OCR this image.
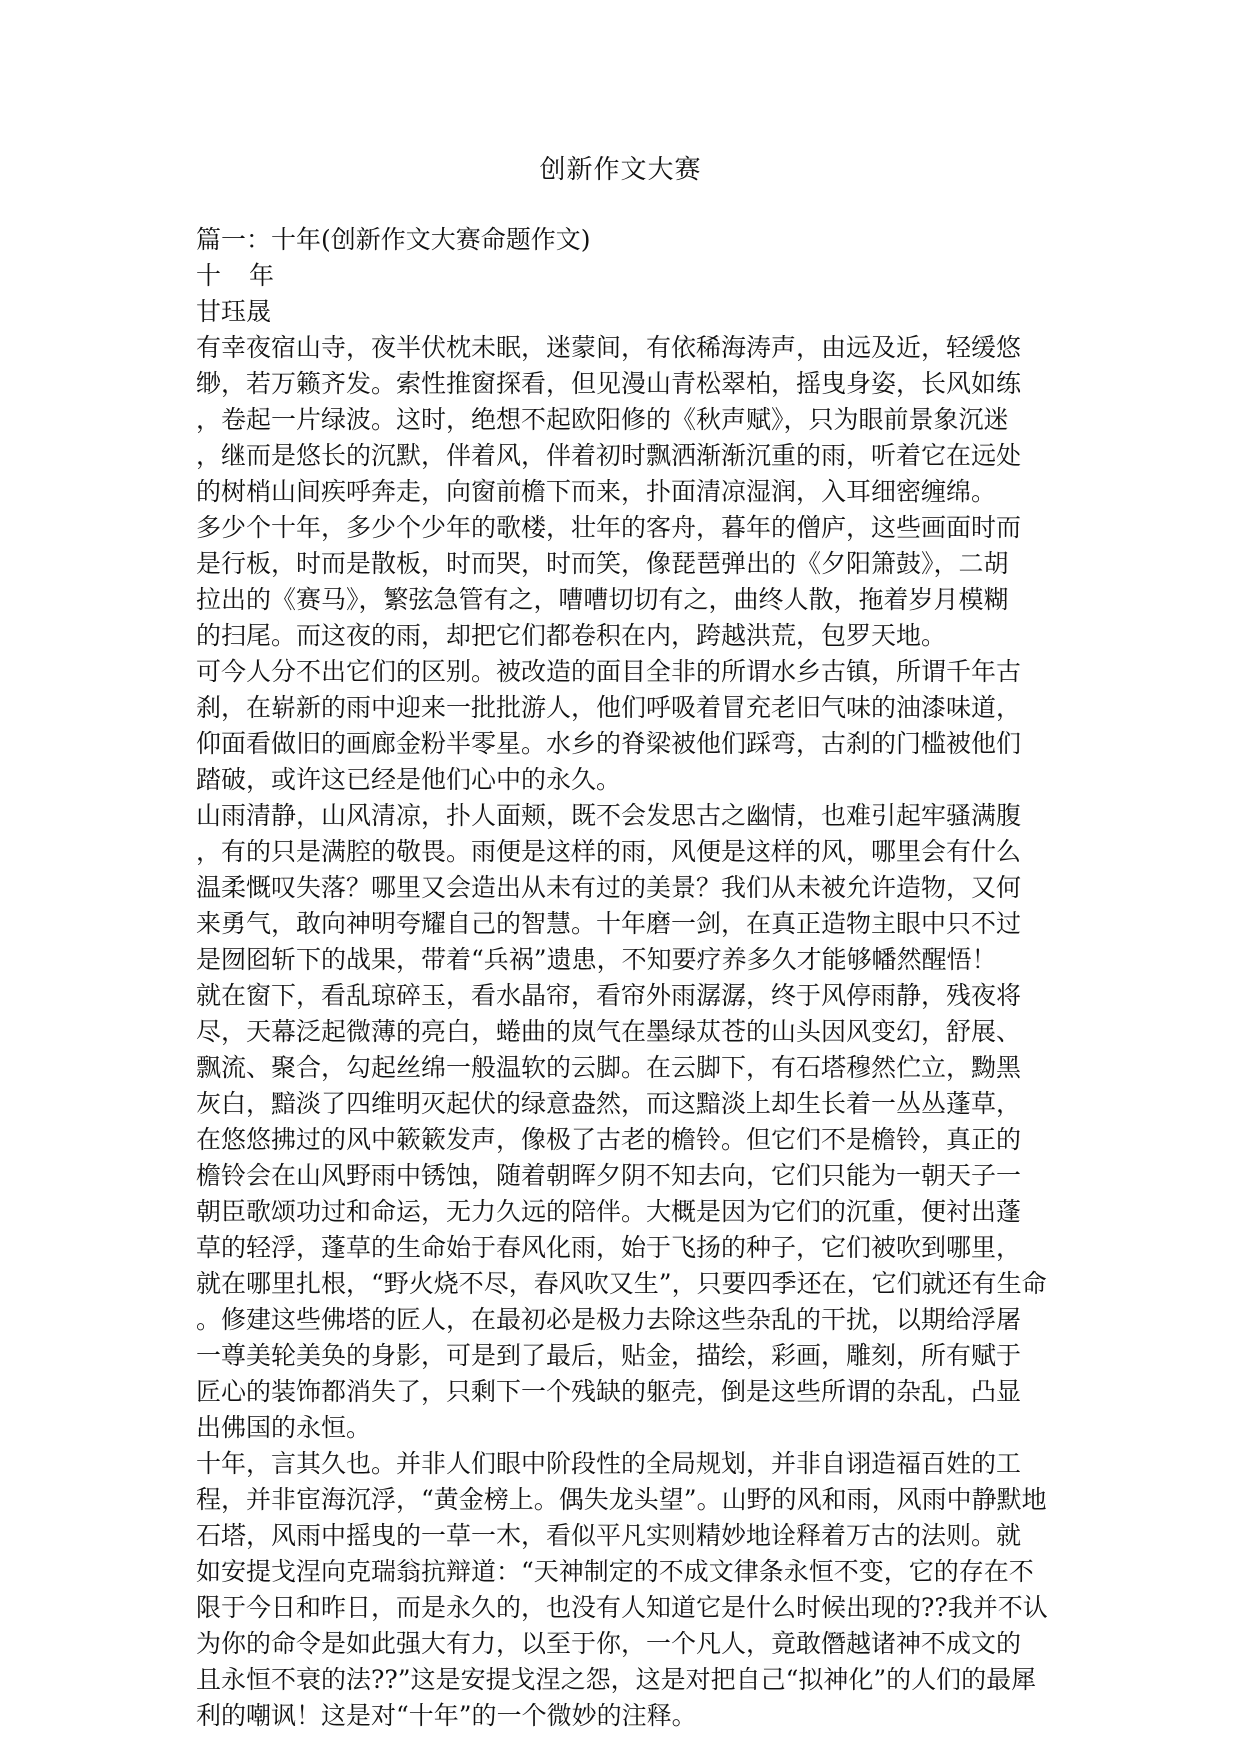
创新作文大赛
篇一：十年(创新作文大赛命题作文)
十 年
甘珏晟
有幸夜宿山寺，夜半伏枕未眠，迷蒙间，有依稀海涛声，由远及近，轻缓悠
缈，若万籁齐发。索性推窗探看，但见漫山青松翠柏，摇曳身姿，长风如练
，卷起一片绿波。这时，绝想不起欧阳修的《秋声赋》，只为眼前景象沉迷
，继而是悠长的沉默，伴着风，伴着初时飘洒渐渐沉重的雨，听着它在远处
的树梢山间疾呼奔走，向窗前檐下而来，扑面清凉湿润，入耳细密缠绵。
多少个十年，多少个少年的歌楼，壮年的客舟，暮年的僧庐，这些画面时而
是行板，时而是散板，时而哭，时而笑，像琵琶弹出的《夕阳箫鼓》，二胡
拉出的《赛马》，繁弦急管有之，嘈嘈切切有之，曲终人散，拖着岁月模糊
的扫尾。而这夜的雨，却把它们都卷积在内，跨越洪荒，包罗天地。
可今人分不出它们的区别。被改造的面目全非的所谓水乡古镇，所谓千年古
刹，在崭新的雨中迎来一批批游人，他们呼吸着冒充老旧气味的油漆味道，
仰面看做旧的画廊金粉半零星。水乡的脊梁被他们踩弯，古刹的门槛被他们
踏破，或许这已经是他们心中的永久。
山雨清静，山风清凉，扑人面颊，既不会发思古之幽情，也难引起牢骚满腹
，有的只是满腔的敬畏。雨便是这样的雨，风便是这样的风，哪里会有什么
温柔慨叹失落？哪里又会造出从未有过的美景？我们从未被允许造物，又何
来勇气，敢向神明夸耀自己的智慧。十年磨一剑，在真正造物主眼中只不过
是囫囵斩下的战果，带着“兵祸”遗患，不知要疗养多久才能够幡然醒悟！
就在窗下，看乱琼碎玉，看水晶帘，看帘外雨潺潺，终于风停雨静，残夜将
尽，天幕泛起微薄的亮白，蜷曲的岚气在墨绿苁苍的山头因风变幻，舒展、
飘流、聚合，勾起丝绵一般温软的云脚。在云脚下，有石塔穆然伫立，黝黑
灰白，黯淡了四维明灭起伏的绿意盎然，而这黯淡上却生长着一丛丛蓬草，
在悠悠拂过的风中簌簌发声，像极了古老的檐铃。但它们不是檐铃，真正的
檐铃会在山风野雨中锈蚀，随着朝晖夕阴不知去向，它们只能为一朝天子一
朝臣歌颂功过和命运，无力久远的陪伴。大概是因为它们的沉重，便衬出蓬
草的轻浮，蓬草的生命始于春风化雨，始于飞扬的种子，它们被吹到哪里，
就在哪里扎根，“野火烧不尽，春风吹又生”，只要四季还在，它们就还有生命
。修建这些佛塔的匠人，在最初必是极力去除这些杂乱的干扰，以期给浮屠
一尊美轮美奂的身影，可是到了最后，贴金，描绘，彩画，雕刻，所有赋于
匠心的装饰都消失了，只剩下一个残缺的躯壳，倒是这些所谓的杂乱，凸显
出佛国的永恒。
十年，言其久也。并非人们眼中阶段性的全局规划，并非自诩造福百姓的工
程，并非宦海沉浮，“黄金榜上。偶失龙头望”。山野的风和雨，风雨中静默地
石塔，风雨中摇曳的一草一木，看似平凡实则精妙地诠释着万古的法则。就
如安提戈涅向克瑞翁抗辩道：“天神制定的不成文律条永恒不变，它的存在不
限于今日和昨日，而是永久的，也没有人知道它是什么时候出现的??我并不认
为你的命令是如此强大有力，以至于你，一个凡人，竟敢僭越诸神不成文的
且永恒不衰的法??”这是安提戈涅之怨，这是对把自己“拟神化”的人们的最犀
利的嘲讽！这是对“十年”的一个微妙的注释。
